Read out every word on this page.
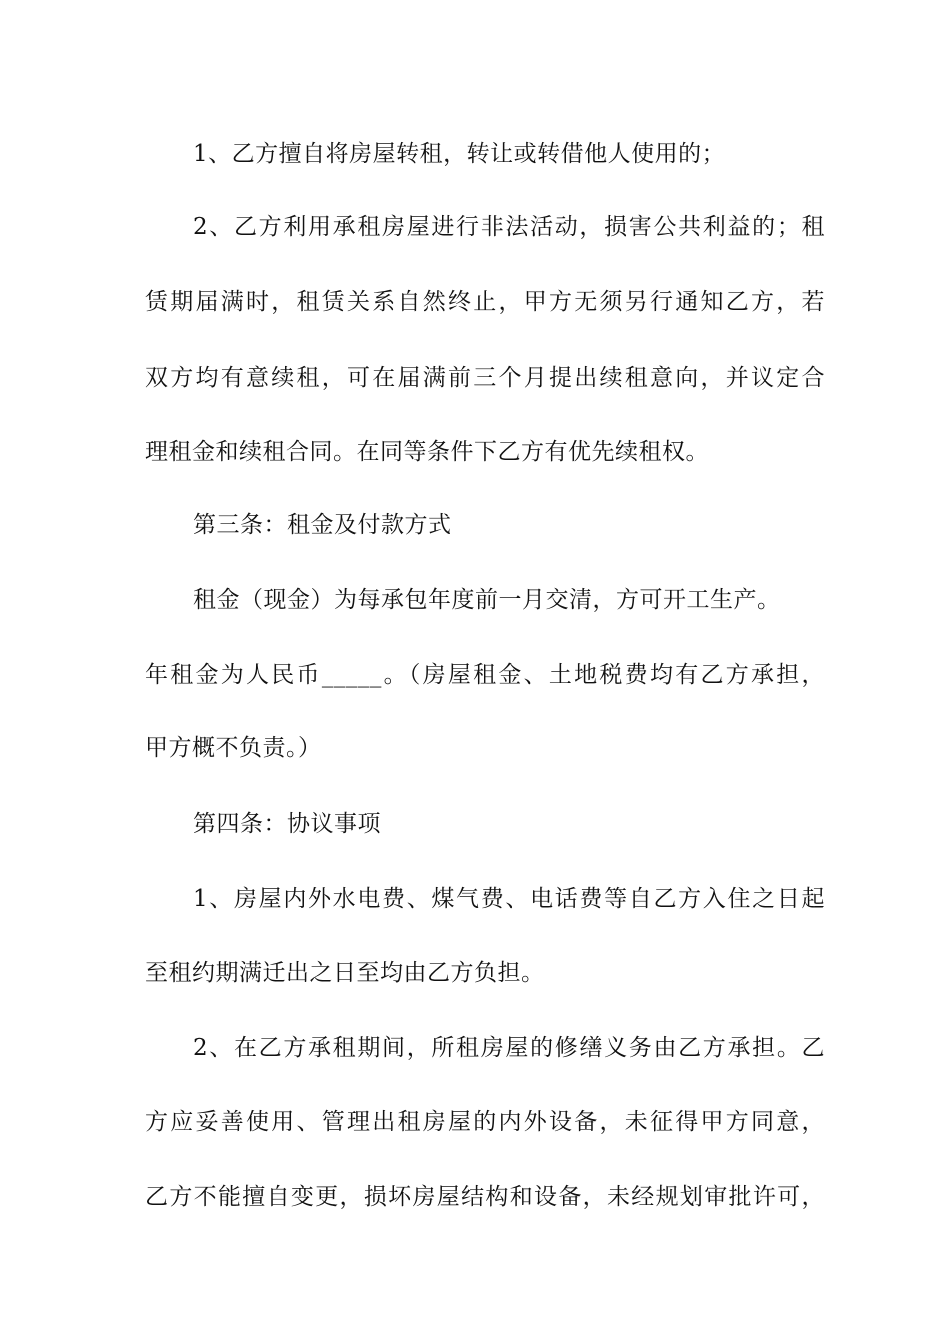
1、乙方擅自将房屋转租，转让或转借他人使用的；
2、乙方利用承租房屋进行非法活动，损害公共利益的；租
赁期届满时，租赁关系自然终止，甲方无须另行通知乙方，若
双方均有意续租，可在届满前三个月提出续租意向，并议定合
理租金和续租合同。在同等条件下乙方有优先续租权。
第三条：租金及付款方式
租金（现金）为每承包年度前一月交清，方可开工生产。
年租金为人民币_____。（房屋租金、土地税费均有乙方承担，
甲方概不负责。）
第四条：协议事项
1、房屋内外水电费、煤气费、电话费等自乙方入住之日起
至租约期满迁出之日至均由乙方负担。
2、在乙方承租期间，所租房屋的修缮义务由乙方承担。乙
方应妥善使用、管理出租房屋的内外设备，未征得甲方同意，
乙方不能擅自变更，损坏房屋结构和设备，未经规划审批许可，
